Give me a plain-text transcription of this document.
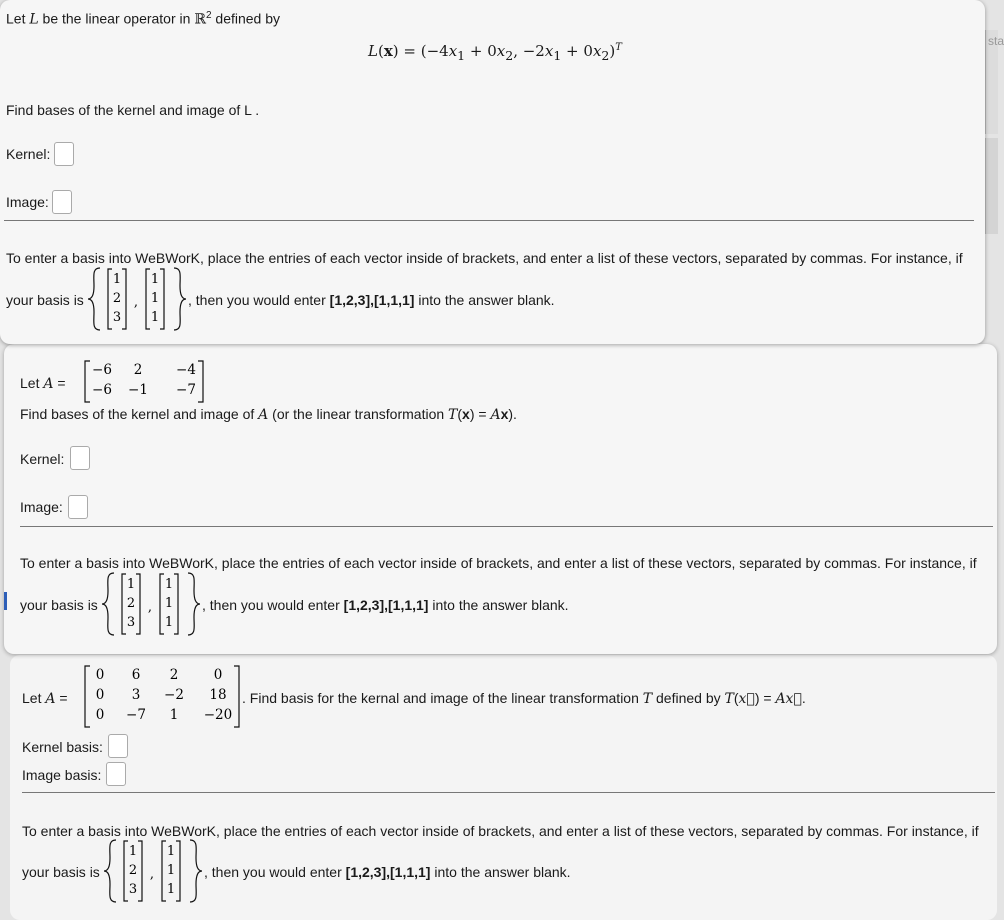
sta
Let L be the linear operator in ℝ$^2$ defined by
$L(x) = (-4x_1 + 0x_2$, $-2x_1 + 0x_2)^T$
Find bases of the kernel and image of L .
Kernel:
Image:
To enter a basis into WeBWorK, place the entries of each vector inside of brackets, and enter a list of these vectors, separated by commas. For instance, if
your basis is
1
2
3
1
1
1
,	, then you would enter [1,2,3],[1,1,1] into the answer blank.
Let A =
−6 2	−4
−6 −1 −7
Find bases of the kernel and image of A (or the linear transformation T(x) = Ax).
Kernel:
Image:
To enter a basis into WeBWorK, place the entries of each vector inside of brackets, and enter a list of these vectors, separated by commas. For instance, if
your basis is
1
2
3
1
1
1
,	, then you would enter [1,2,3],[1,1,1] into the answer blank.
Let A =
0 6 2	0
0 3 −2 18
0 −7 1 −20
. Find basis for the kernal and image of the linear transformation T defined by T(x⃗) = Ax⃗.
Kernel basis:
Image basis:
To enter a basis into WeBWorK, place the entries of each vector inside of brackets, and enter a list of these vectors, separated by commas. For instance, if
your basis is
1
2
3
1
1
1
,	, then you would enter [1,2,3],[1,1,1] into the answer blank.
